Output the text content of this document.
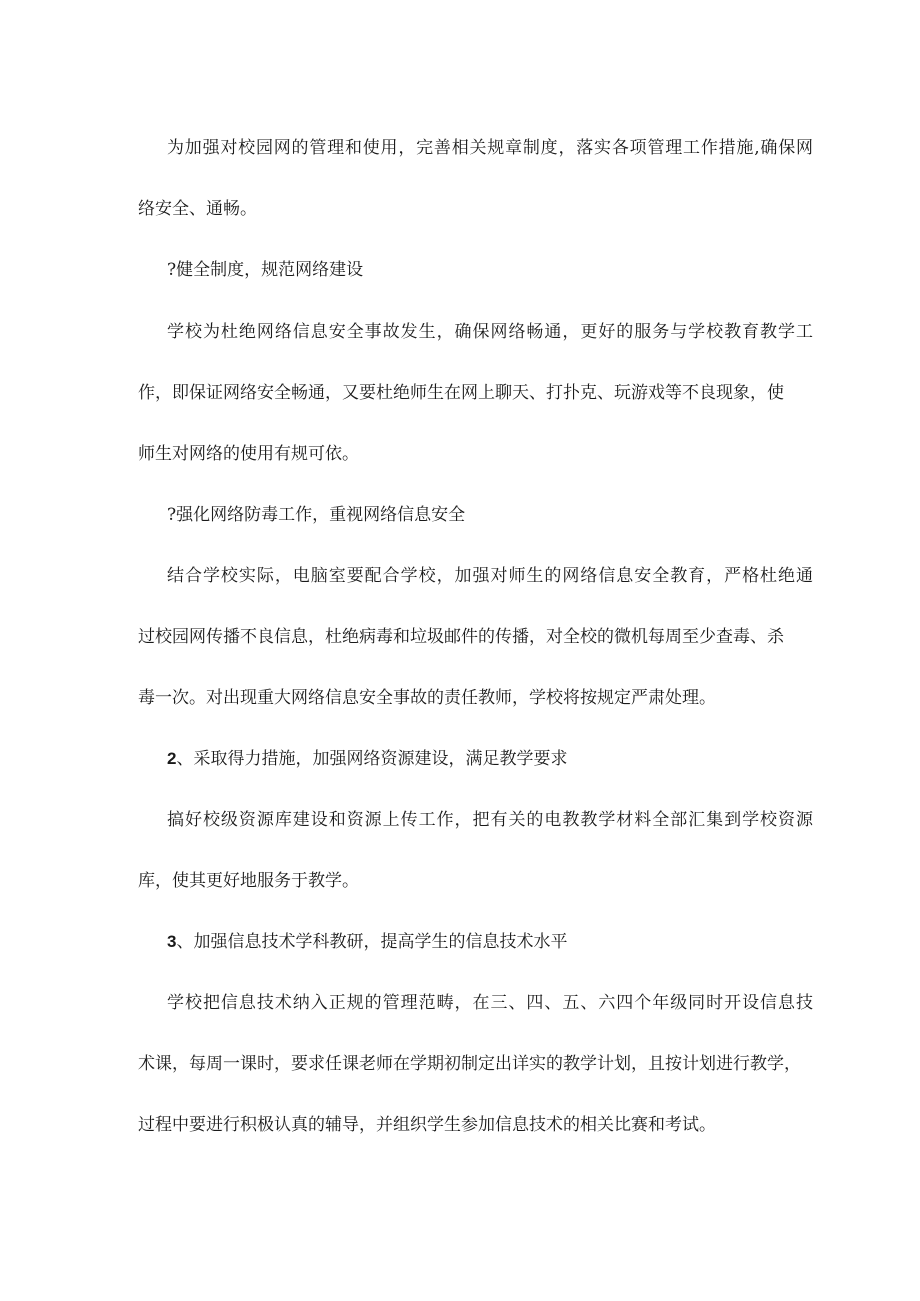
为加强对校园网的管理和使用，完善相关规章制度，落实各项管理工作措施,确保网
络安全、通畅。
?健全制度，规范网络建设
学校为杜绝网络信息安全事故发生，确保网络畅通，更好的服务与学校教育教学工
作，即保证网络安全畅通，又要杜绝师生在网上聊天、打扑克、玩游戏等不良现象，使
师生对网络的使用有规可依。
?强化网络防毒工作，重视网络信息安全
结合学校实际，电脑室要配合学校，加强对师生的网络信息安全教育，严格杜绝通
过校园网传播不良信息，杜绝病毒和垃圾邮件的传播，对全校的微机每周至少查毒、杀
毒一次。对出现重大网络信息安全事故的责任教师，学校将按规定严肃处理。
2、采取得力措施，加强网络资源建设，满足教学要求
搞好校级资源库建设和资源上传工作，把有关的电教教学材料全部汇集到学校资源
库，使其更好地服务于教学。
3、加强信息技术学科教研，提高学生的信息技术水平
学校把信息技术纳入正规的管理范畴，在三、四、五、六四个年级同时开设信息技
术课，每周一课时，要求任课老师在学期初制定出详实的教学计划，且按计划进行教学，
过程中要进行积极认真的辅导，并组织学生参加信息技术的相关比赛和考试。
